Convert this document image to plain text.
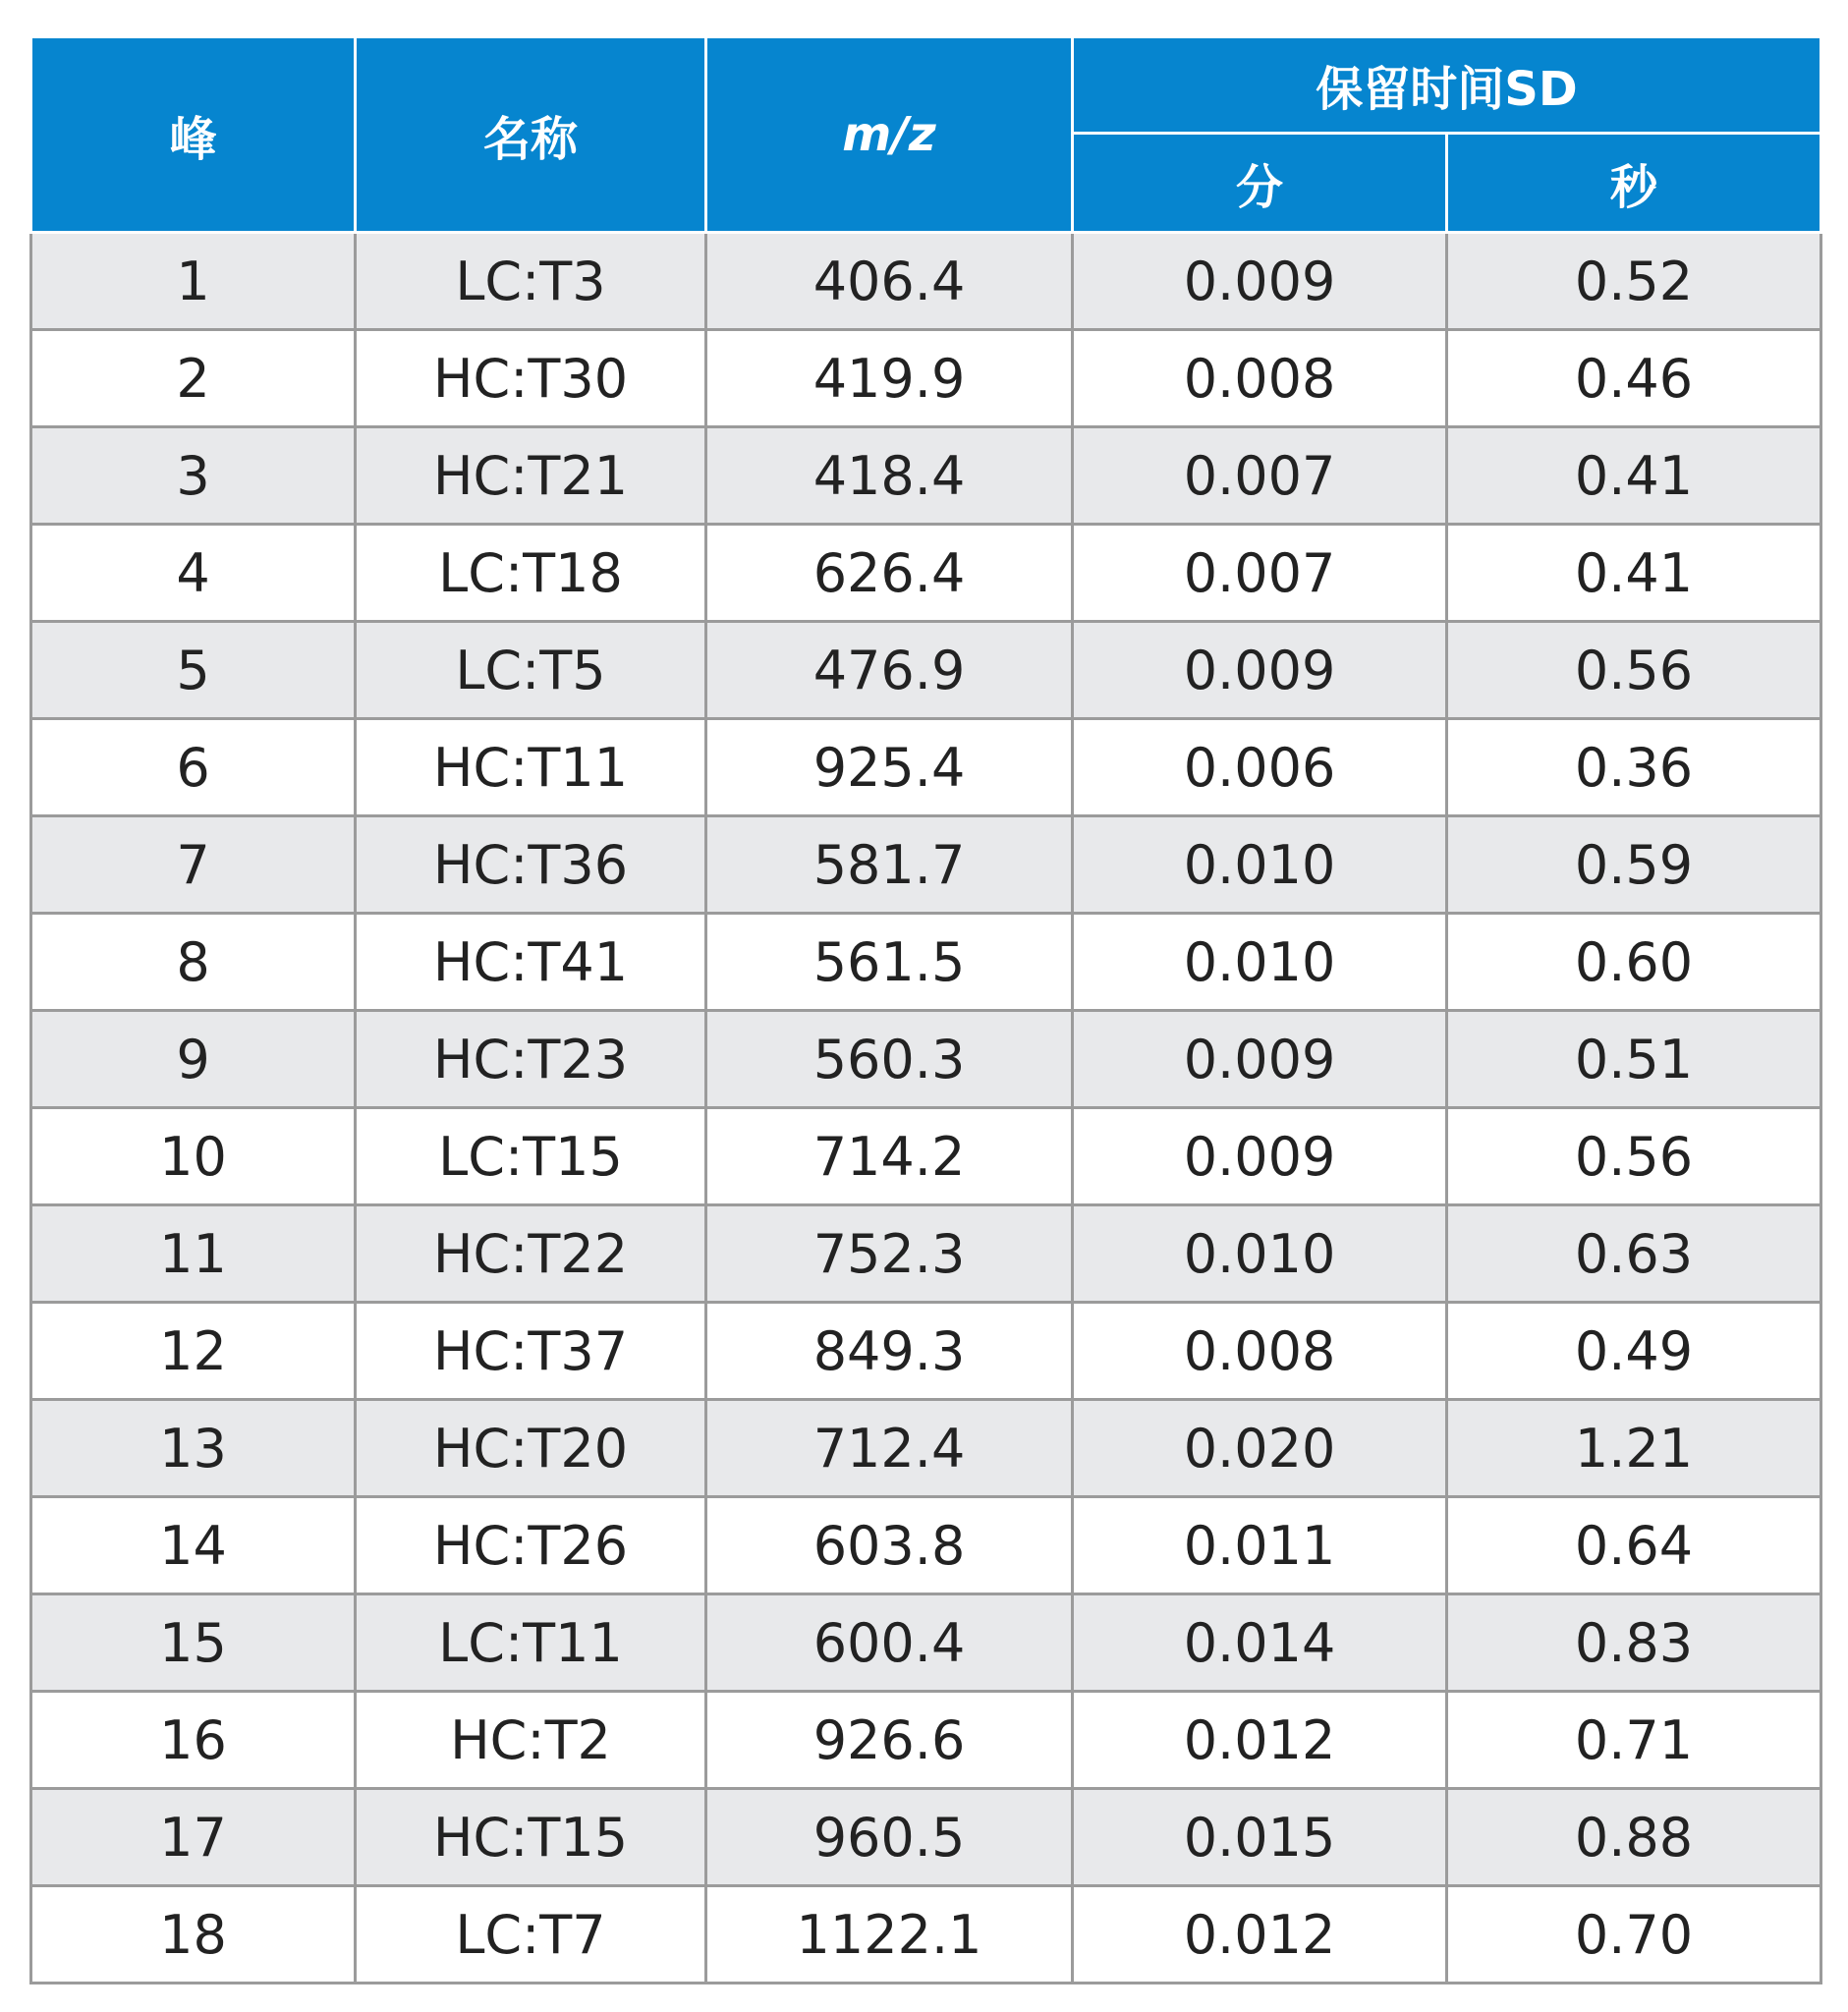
峰	名称	m/z	保留时间SD	
			分	秒
1	LC:T3	406.4	0.009	0.52
2	HC:T30	419.9	0.008	0.46
3	HC:T21	418.4	0.007	0.41
4	LC:T18	626.4	0.007	0.41
5	LC:T5	476.9	0.009	0.56
6	HC:T11	925.4	0.006	0.36
7	HC:T36	581.7	0.010	0.59
8	HC:T41	561.5	0.010	0.60
9	HC:T23	560.3	0.009	0.51
10	LC:T15	714.2	0.009	0.56
11	HC:T22	752.3	0.010	0.63
12	HC:T37	849.3	0.008	0.49
13	HC:T20	712.4	0.020	1.21
14	HC:T26	603.8	0.011	0.64
15	LC:T11	600.4	0.014	0.83
16	HC:T2	926.6	0.012	0.71
17	HC:T15	960.5	0.015	0.88
18	LC:T7	1122.1	0.012	0.70
